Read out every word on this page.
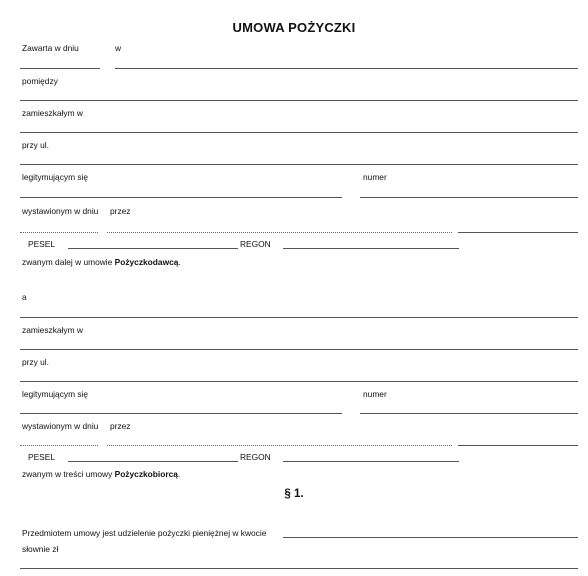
UMOWA POŻYCZKI
Zawarta w dniu	w
pomiędzy
zamieszkałym w
przy ul.
legitymującym się	numer
wystawionym w dniu przez
PESEL	REGON
zwanym dalej w umowie Pożyczkodawcą.
a
zamieszkałym w
przy ul.
legitymującym się	numer
wystawionym w dniu przez
PESEL	REGON
zwanym w treści umowy Pożyczkobiorcą.
§ 1.
Przedmiotem umowy jest udzielenie pożyczki pieniężnej w kwocie
słownie zł
